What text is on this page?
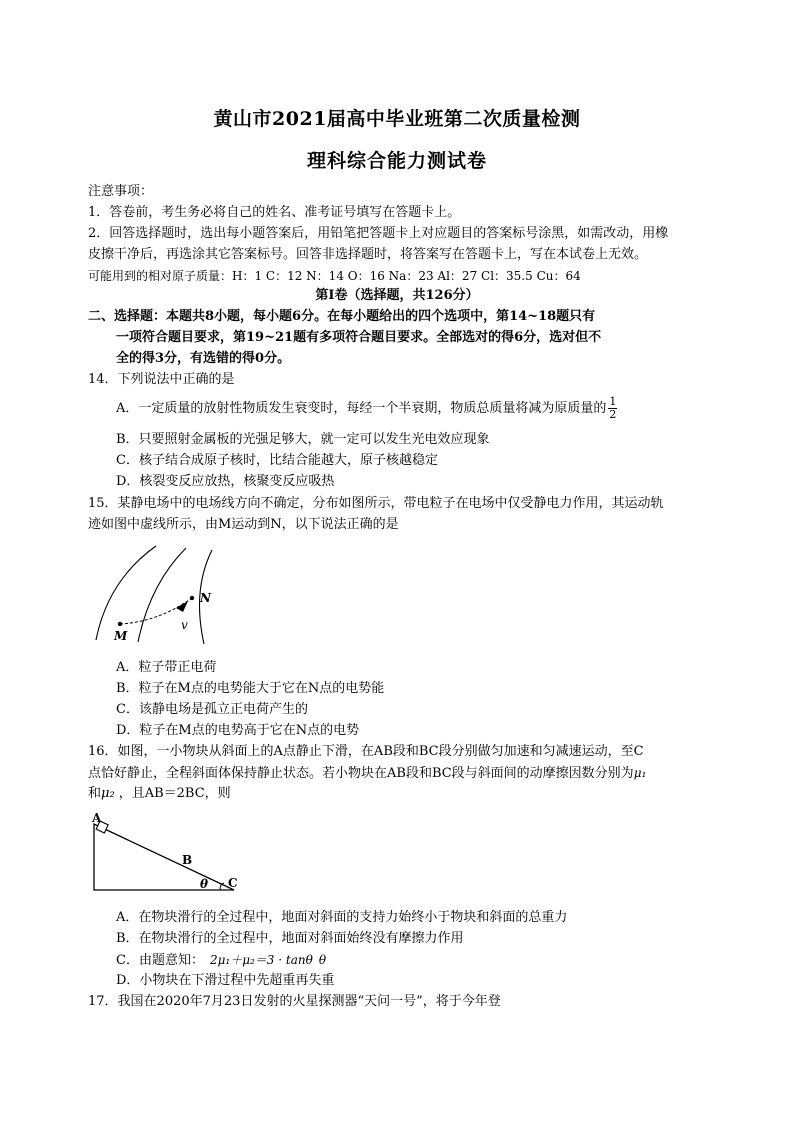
黄山市2021届高中毕业班第二次质量检测
理科综合能力测试卷
注意事项：
1．答卷前，考生务必将自己的姓名、准考证号填写在答题卡上。
2．回答选择题时，选出每小题答案后，用铅笔把答题卡上对应题目的答案标号涂黑，如需改动，用橡
皮擦干净后，再选涂其它答案标号。回答非选择题时，将答案写在答题卡上，写在本试卷上无效。
可能用到的相对原子质量：H：1 C：12 N：14 O：16 Na：23 Al：27 Cl：35.5 Cu：64
第Ⅰ卷（选择题，共126分）
二、选择题：本题共8小题，每小题6分。在每小题给出的四个选项中，第14~18题只有
一项符合题目要求，第19~21题有多项符合题目要求。全部选对的得6分，选对但不
全的得3分，有选错的得0分。
14．下列说法中正确的是
A．一定质量的放射性物质发生衰变时，每经一个半衰期，物质总质量将减为原质量的 $\frac{1}{2}$
B．只要照射金属板的光强足够大，就一定可以发生光电效应现象
C．核子结合成原子核时，比结合能越大，原子核越稳定
D．核裂变反应放热，核聚变反应吸热
15．某静电场中的电场线方向不确定，分布如图所示，带电粒子在电场中仅受静电力作用，其运动轨
迹如图中虚线所示，由M运动到N，以下说法正确的是
M
N
v
A．粒子带正电荷
B．粒子在M点的电势能大于它在N点的电势能
C．该静电场是孤立正电荷产生的
D．粒子在M点的电势高于它在N点的电势
16．如图，一小物块从斜面上的A点静止下滑，在AB段和BC段分别做匀加速和匀减速运动，至C
点恰好静止，全程斜面体保持静止状态。若小物块在AB段和BC段与斜面间的动摩擦因数分别为μ₁
和μ₂ ，且AB＝2BC，则
A
B
C
θ
A．在物块滑行的全过程中，地面对斜面的支持力始终小于物块和斜面的总重力
B．在物块滑行的全过程中，地面对斜面始终没有摩擦力作用
C．由题意知： 2μ₁＋μ₂＝3 · tanθ θ
D．小物块在下滑过程中先超重再失重
17．我国在2020年7月23日发射的火星探测器“天问一号”，将于今年登
